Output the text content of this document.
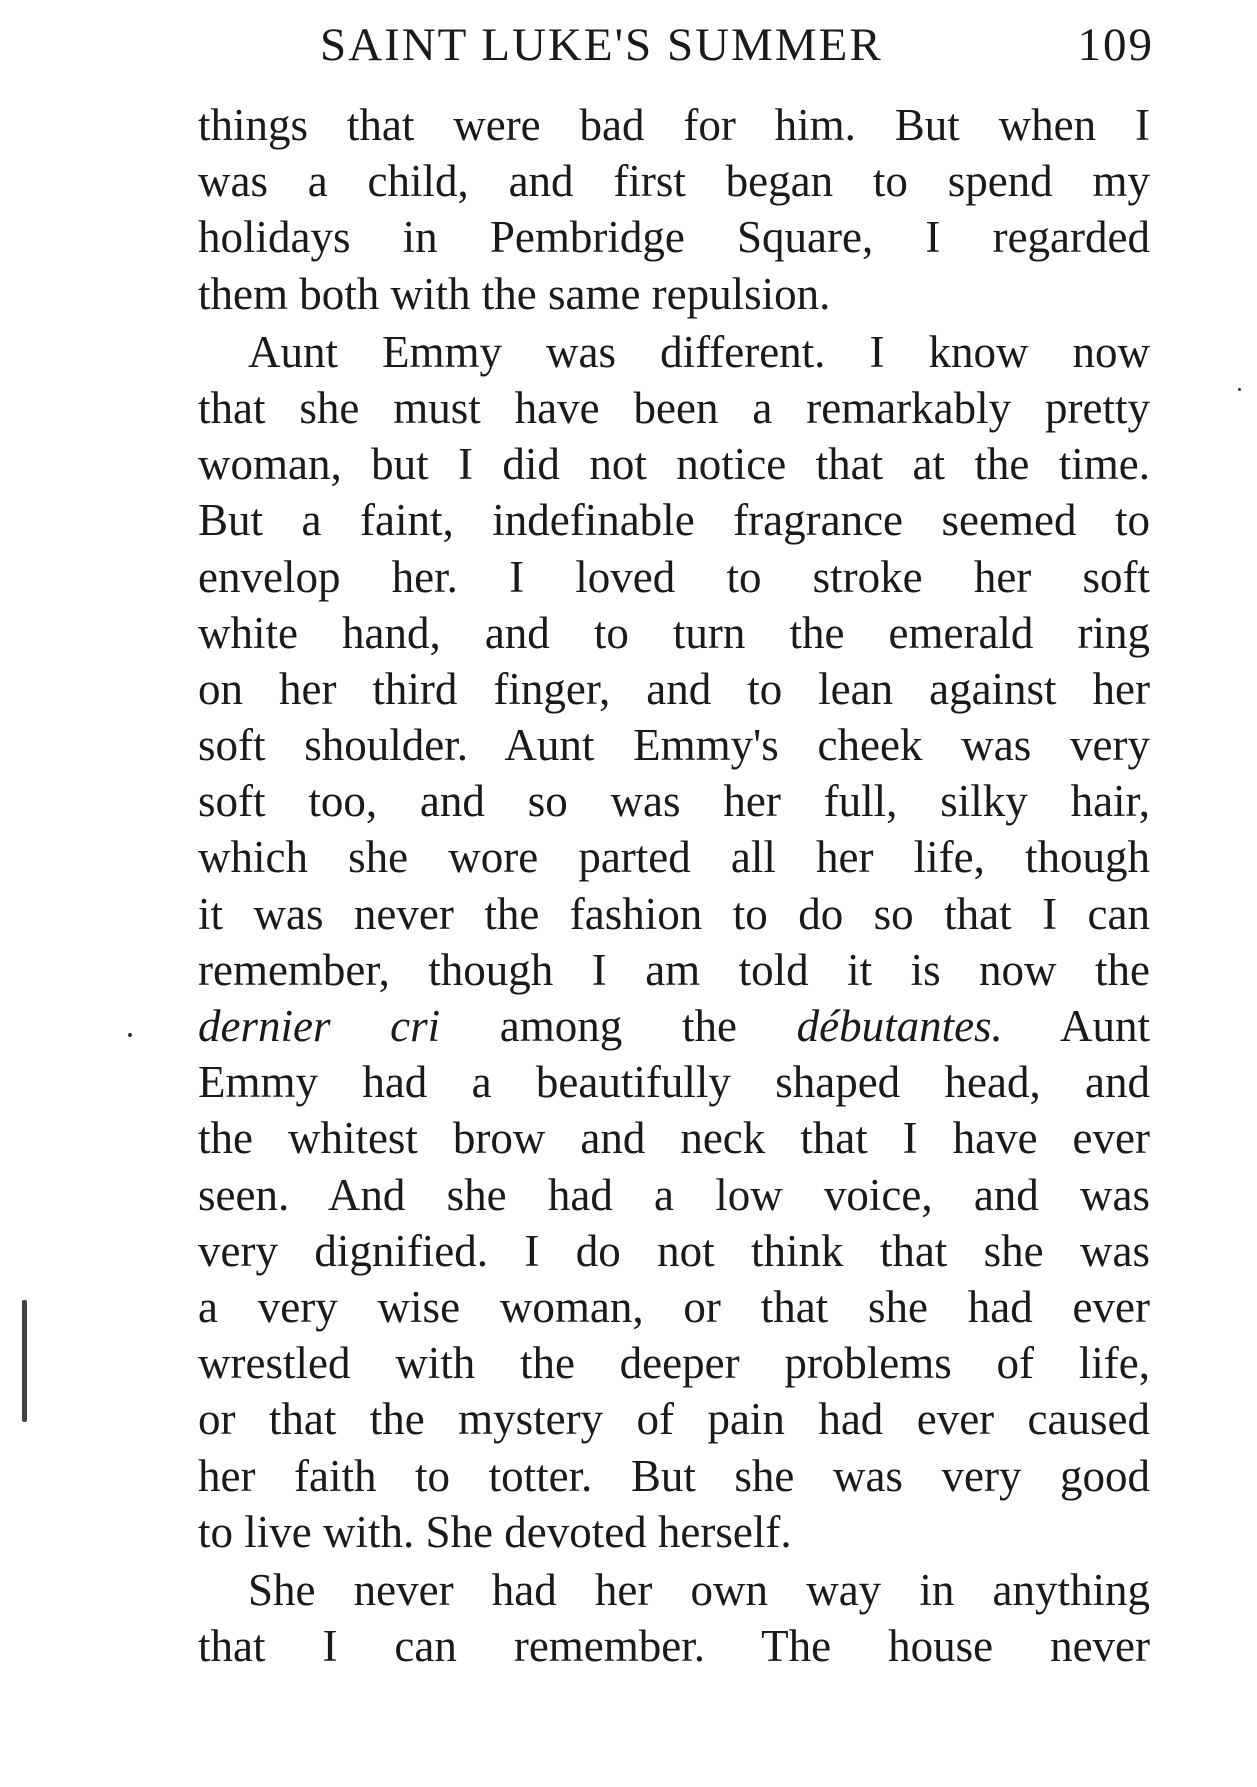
SAINT LUKE'S SUMMER	109
things that were bad for him. But when I
was a child, and first began to spend my
holidays in Pembridge Square, I regarded
them both with the same repulsion.
Aunt Emmy was different. I know now
that she must have been a remarkably pretty
woman, but I did not notice that at the time.
But a faint, indefinable fragrance seemed to
envelop her. I loved to stroke her soft
white hand, and to turn the emerald ring
on her third finger, and to lean against her
soft shoulder. Aunt Emmy's cheek was very
soft too, and so was her full, silky hair,
which she wore parted all her life, though
it was never the fashion to do so that I can
remember, though I am told it is now the
dernier cri among the débutantes. Aunt
Emmy had a beautifully shaped head, and
the whitest brow and neck that I have ever
seen. And she had a low voice, and was
very dignified. I do not think that she was
a very wise woman, or that she had ever
wrestled with the deeper problems of life,
or that the mystery of pain had ever caused
her faith to totter. But she was very good
to live with. She devoted herself.
She never had her own way in anything
that I can remember. The house never
